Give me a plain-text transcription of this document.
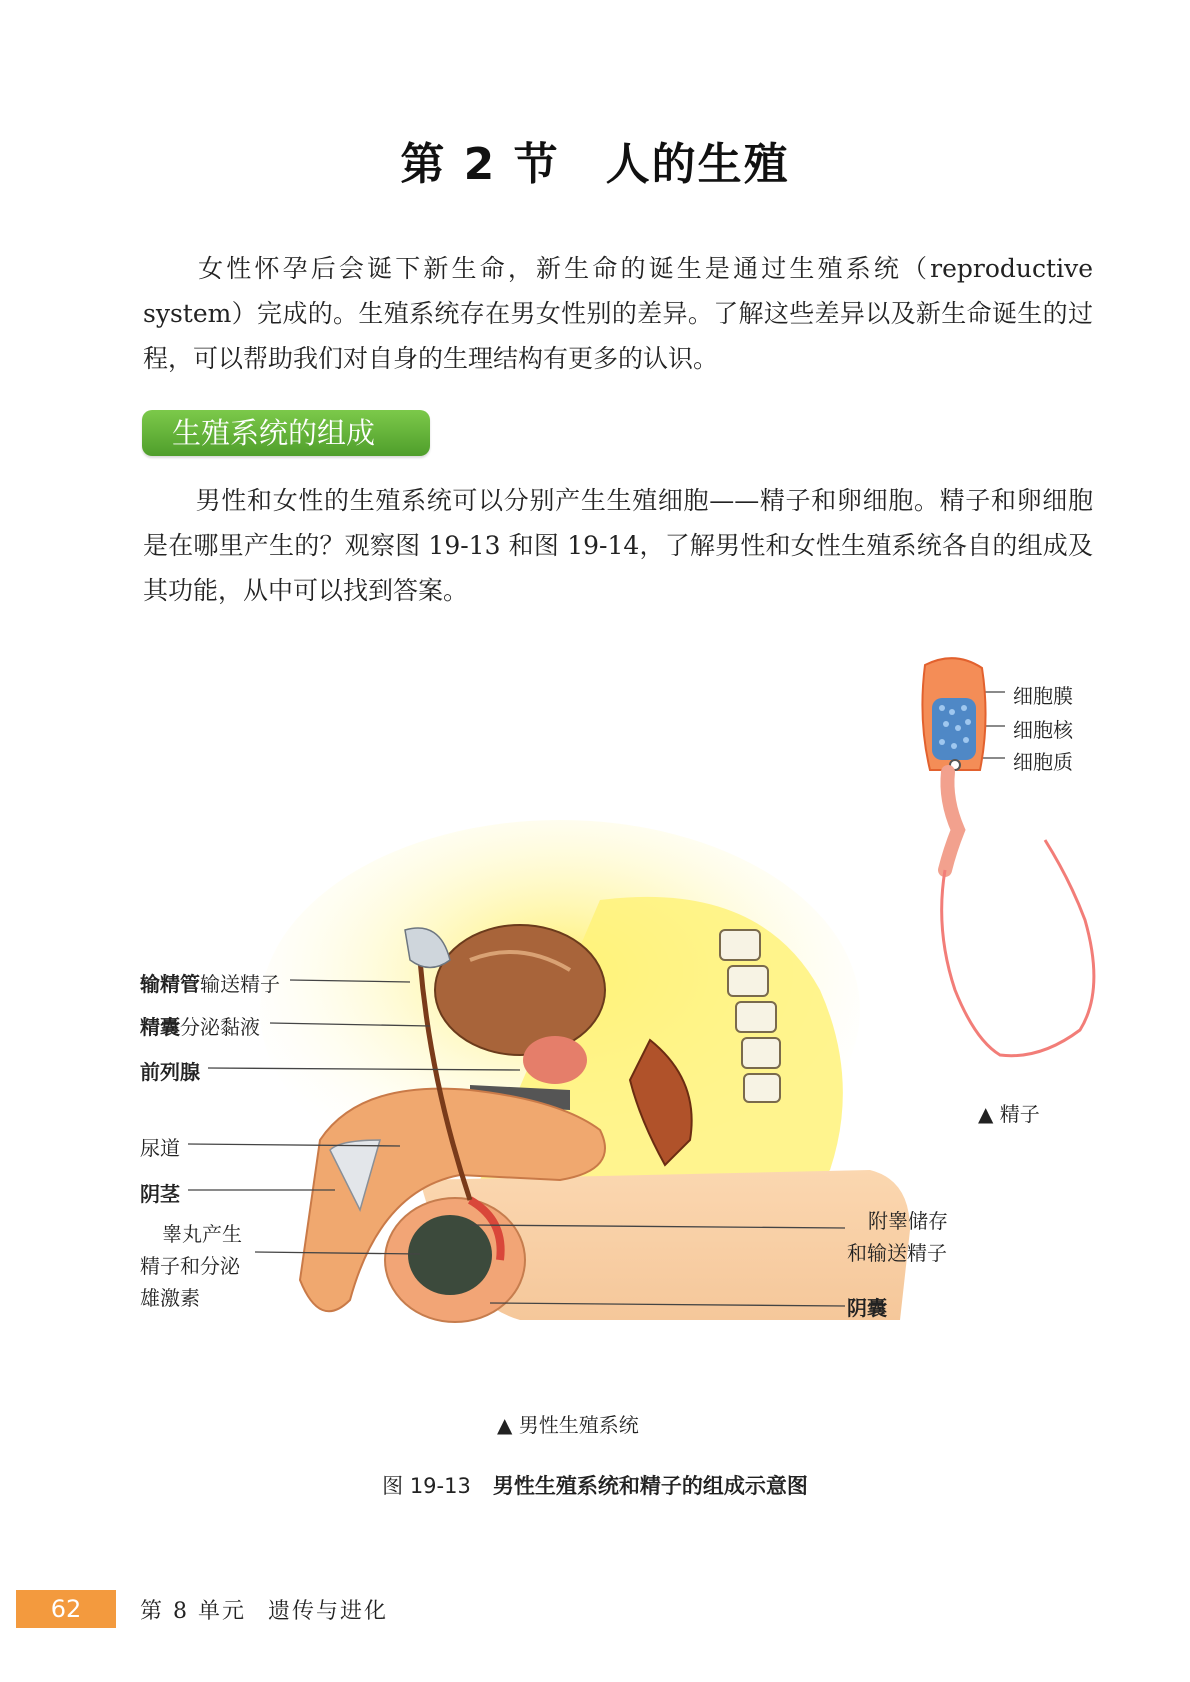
第 2 节 人的生殖
女性怀孕后会诞下新生命，新生命的诞生是通过生殖系统（reproductive system）完成的。生殖系统存在男女性别的差异。了解这些差异以及新生命诞生的过程，可以帮助我们对自身的生理结构有更多的认识。
生殖系统的组成
男性和女性的生殖系统可以分别产生生殖细胞——精子和卵细胞。精子和卵细胞是在哪里产生的？观察图 19-13 和图 19-14，了解男性和女性生殖系统各自的组成及其功能，从中可以找到答案。
细胞膜
细胞核
细胞质
▲ 精子
输精管输送精子
精囊分泌黏液
前列腺
尿道
阴茎
睾丸产生
精子和分泌
雄激素
附睾储存
和输送精子
阴囊
▲ 男性生殖系统
图 19-13 男性生殖系统和精子的组成示意图
62	第 8 单元 遗传与进化
